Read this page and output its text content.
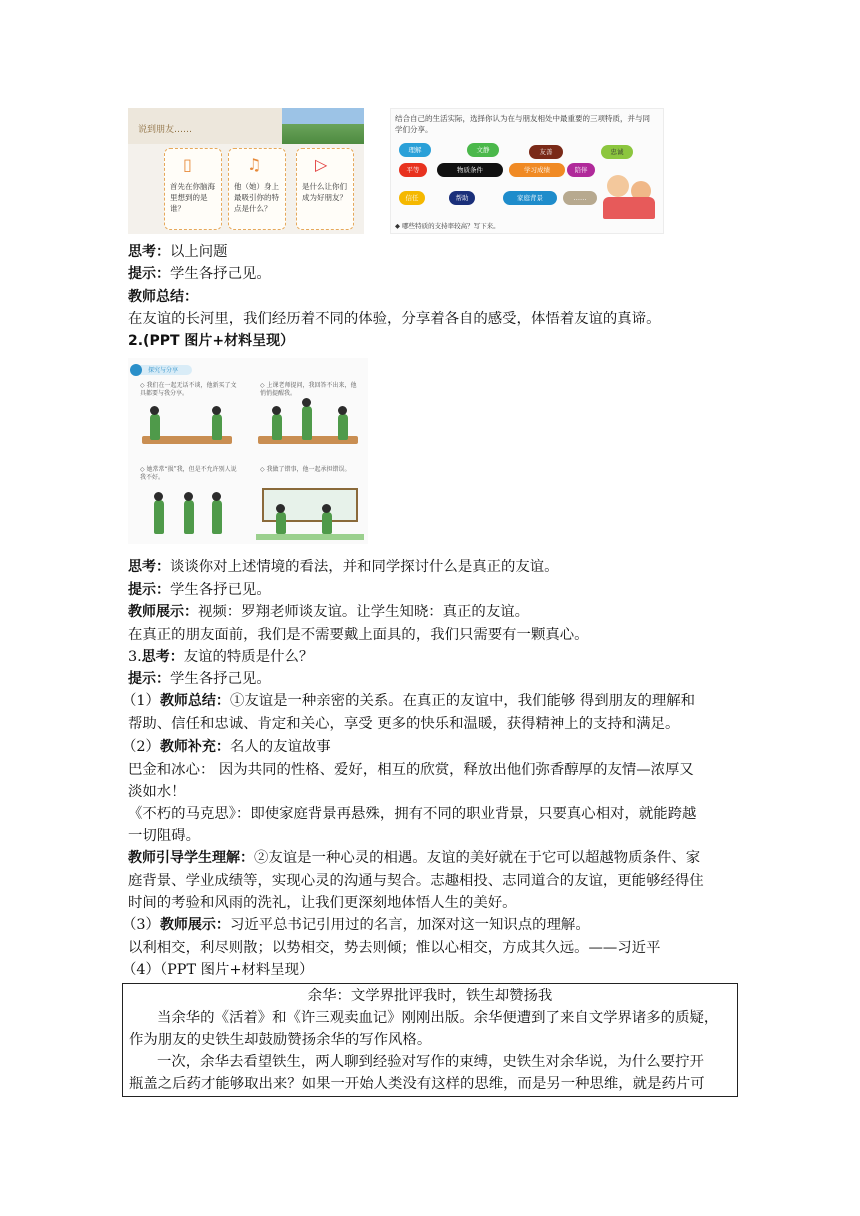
说到朋友……
▯
首先在你脑海里想到的是谁？
♫
他（她）身上最吸引你的特点是什么？
▷
是什么让你们成为好朋友？
结合自己的生活实际，选择你认为在与朋友相处中最重要的三项特质，并与同学们分享。
理解	文静	友善	忠诚
平等	物质条件	学习成绩	陪伴
信任	帮助	家庭背景	……
◆ 哪些特质的支持率较高？写下来。
思考：以上问题
提示：学生各抒己见。
教师总结：
在友谊的长河里，我们经历着不同的体验，分享着各自的感受，体悟着友谊的真谛。
2.(PPT 图片+材料呈现）
探究与分享
◇ 我们在一起无话不谈，他新买了文具都要与我分享。
◇ 上课老师提问，我回答不出来，他悄悄提醒我。
◇ 她常常“损”我，但是不允许别人说我不好。
◇ 我做了错事，他一起承担错误。
思考：谈谈你对上述情境的看法，并和同学探讨什么是真正的友谊。
提示：学生各抒已见。
教师展示：视频：罗翔老师谈友谊。让学生知晓：真正的友谊。
在真正的朋友面前，我们是不需要戴上面具的，我们只需要有一颗真心。
3.思考：友谊的特质是什么？
提示：学生各抒己见。
（1）教师总结：①友谊是一种亲密的关系。在真正的友谊中，我们能够 得到朋友的理解和
帮助、信任和忠诚、肯定和关心，享受 更多的快乐和温暖，获得精神上的支持和满足。
（2）教师补充：名人的友谊故事
巴金和冰心： 因为共同的性格、爱好，相互的欣赏，释放出他们弥香醇厚的友情—浓厚又
淡如水！
《不朽的马克思》：即使家庭背景再悬殊，拥有不同的职业背景，只要真心相对，就能跨越
一切阻碍。
教师引导学生理解：②友谊是一种心灵的相遇。友谊的美好就在于它可以超越物质条件、家
庭背景、学业成绩等，实现心灵的沟通与契合。志趣相投、志同道合的友谊，更能够经得住
时间的考验和风雨的洗礼，让我们更深刻地体悟人生的美好。
（3）教师展示：习近平总书记引用过的名言，加深对这一知识点的理解。
以利相交，利尽则散；以势相交，势去则倾；惟以心相交，方成其久远。——习近平
（4）（PPT 图片+材料呈现）
余华：文学界批评我时，铁生却赞扬我
当余华的《活着》和《许三观卖血记》刚刚出版。余华便遭到了来自文学界诸多的质疑，
作为朋友的史铁生却鼓励赞扬余华的写作风格。
一次，余华去看望铁生，两人聊到经验对写作的束缚，史铁生对余华说，为什么要拧开
瓶盖之后药才能够取出来？如果一开始人类没有这样的思维，而是另一种思维，就是药片可
